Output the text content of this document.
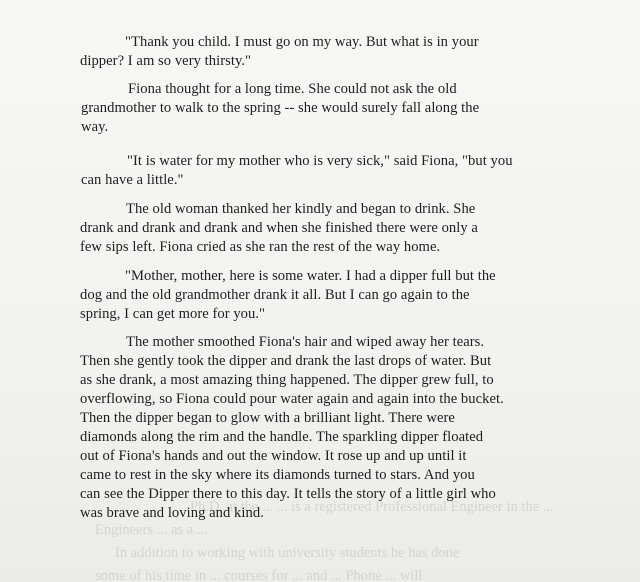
Ph.D. at the ... ... is a registered Professional Engineer in the ...
Engineers ... as a ...
In addition to working with university students he has done
some of his time in ... courses for ... and ... Phone ... will
"Thank you child. I must go on my way. But what is in your
dipper? I am so very thirsty."
Fiona thought for a long time. She could not ask the old
grandmother to walk to the spring -- she would surely fall along the
way.
"It is water for my mother who is very sick," said Fiona, "but you
can have a little."
The old woman thanked her kindly and began to drink. She
drank and drank and drank and when she finished there were only a
few sips left. Fiona cried as she ran the rest of the way home.
"Mother, mother, here is some water. I had a dipper full but the
dog and the old grandmother drank it all. But I can go again to the
spring, I can get more for you."
The mother smoothed Fiona's hair and wiped away her tears.
Then she gently took the dipper and drank the last drops of water. But
as she drank, a most amazing thing happened. The dipper grew full, to
overflowing, so Fiona could pour water again and again into the bucket.
Then the dipper began to glow with a brilliant light. There were
diamonds along the rim and the handle. The sparkling dipper floated
out of Fiona's hands and out the window. It rose up and up until it
came to rest in the sky where its diamonds turned to stars. And you
can see the Dipper there to this day. It tells the story of a little girl who
was brave and loving and kind.
